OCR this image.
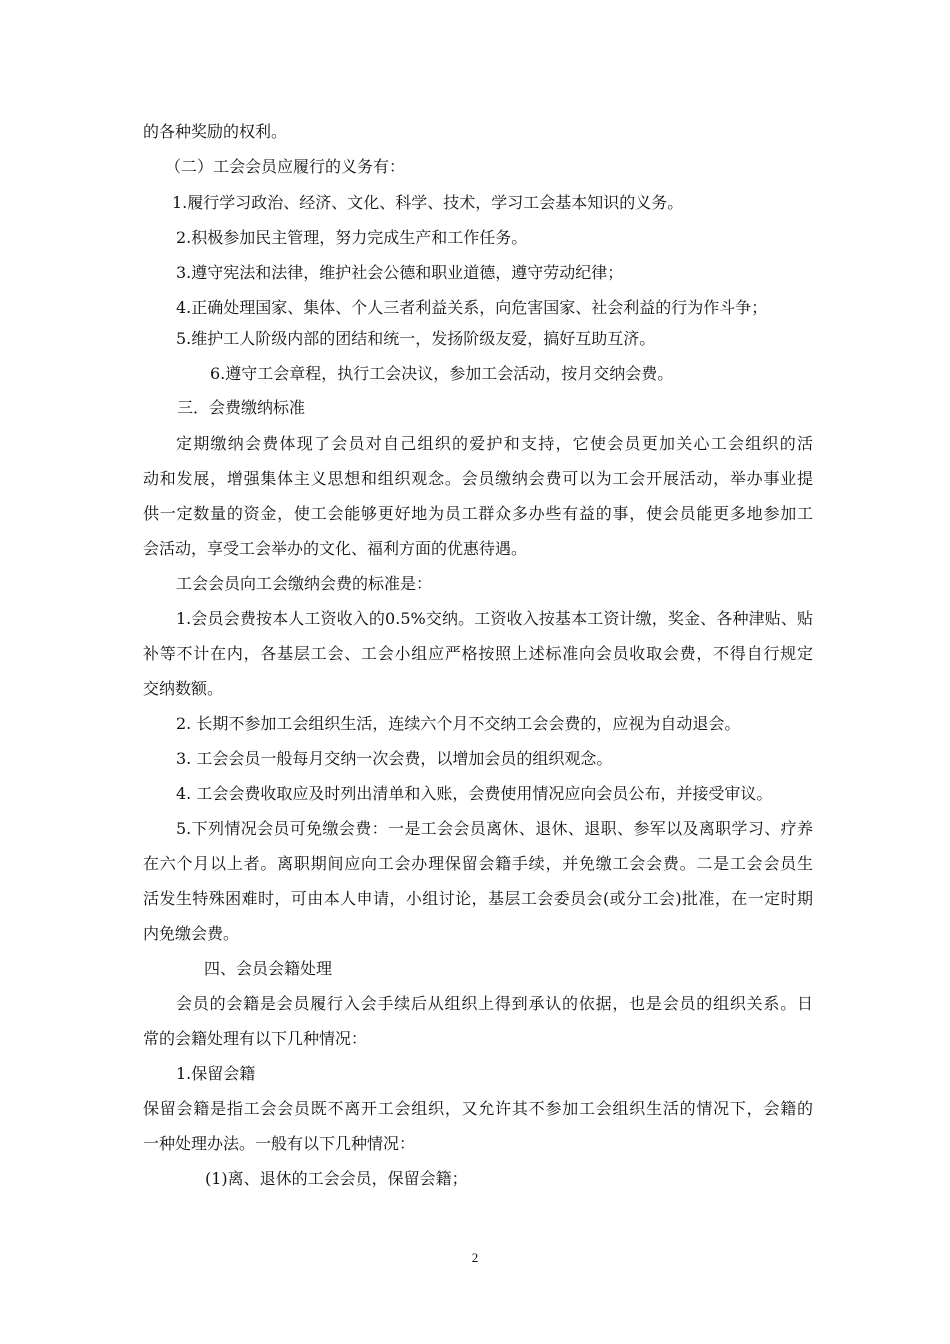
的各种奖励的权利。
（二）工会会员应履行的义务有：
1.履行学习政治、经济、文化、科学、技术，学习工会基本知识的义务。
2.积极参加民主管理，努力完成生产和工作任务。
3.遵守宪法和法律，维护社会公德和职业道德，遵守劳动纪律；
4.正确处理国家、集体、个人三者利益关系，向危害国家、社会利益的行为作斗争；
5.维护工人阶级内部的团结和统一，发扬阶级友爱，搞好互助互济。
6.遵守工会章程，执行工会决议，参加工会活动，按月交纳会费。
三．会费缴纳标准
定期缴纳会费体现了会员对自己组织的爱护和支持，它使会员更加关心工会组织的活
动和发展，增强集体主义思想和组织观念。会员缴纳会费可以为工会开展活动，举办事业提
供一定数量的资金，使工会能够更好地为员工群众多办些有益的事，使会员能更多地参加工
会活动，享受工会举办的文化、福利方面的优惠待遇。
工会会员向工会缴纳会费的标准是：
1.会员会费按本人工资收入的0.5%交纳。工资收入按基本工资计缴，奖金、各种津贴、贴
补等不计在内，各基层工会、工会小组应严格按照上述标准向会员收取会费，不得自行规定
交纳数额。
2. 长期不参加工会组织生活，连续六个月不交纳工会会费的，应视为自动退会。
3. 工会会员一般每月交纳一次会费，以增加会员的组织观念。
4. 工会会费收取应及时列出清单和入账，会费使用情况应向会员公布，并接受审议。
5.下列情况会员可免缴会费：一是工会会员离休、退休、退职、参军以及离职学习、疗养
在六个月以上者。离职期间应向工会办理保留会籍手续，并免缴工会会费。二是工会会员生
活发生特殊困难时，可由本人申请，小组讨论，基层工会委员会(或分工会)批准，在一定时期
内免缴会费。
四、会员会籍处理
会员的会籍是会员履行入会手续后从组织上得到承认的依据，也是会员的组织关系。日
常的会籍处理有以下几种情况：
1.保留会籍
保留会籍是指工会会员既不离开工会组织，又允许其不参加工会组织生活的情况下，会籍的
一种处理办法。一般有以下几种情况：
(1)离、退休的工会会员，保留会籍；
2
